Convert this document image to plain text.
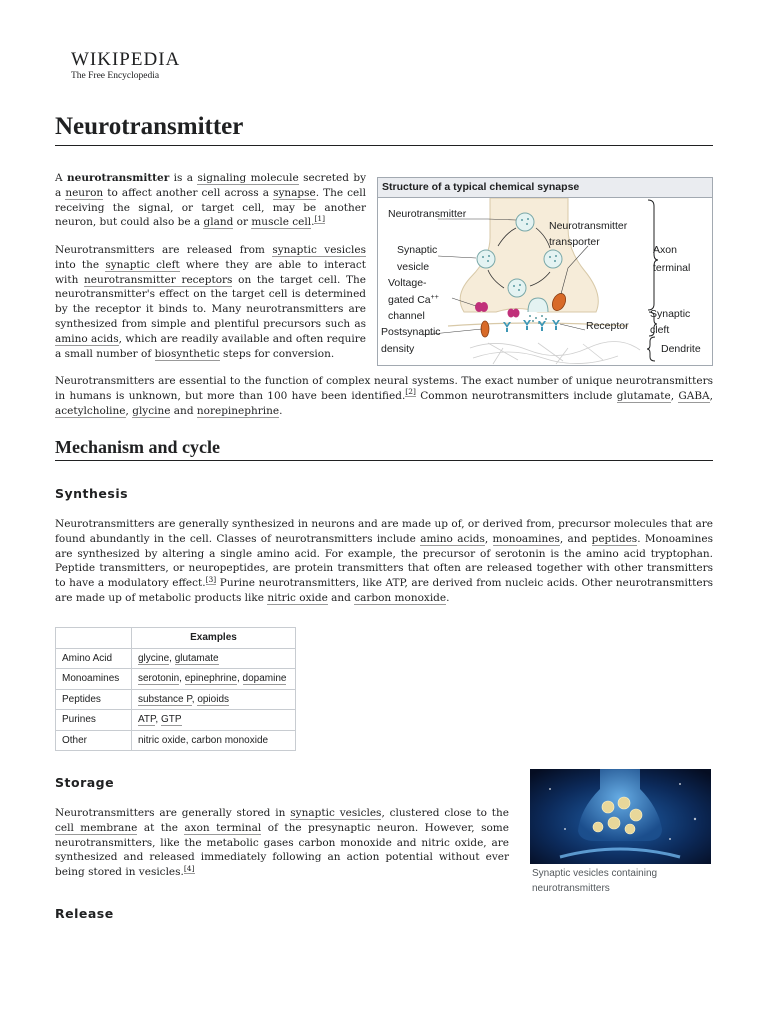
WIKIPEDIA
The Free Encyclopedia
Neurotransmitter

A neurotransmitter is a signaling molecule secreted by a neuron to affect another cell across a synapse. The cell receiving the signal, or target cell, may be another neuron, but could also be a gland or muscle cell.[1]

Neurotransmitters are released from synaptic vesicles into the synaptic cleft where they are able to interact with neurotransmitter receptors on the target cell. The neurotransmitter's effect on the target cell is determined by the receptor it binds to. Many neurotransmitters are synthesized from simple and plentiful precursors such as amino acids, which are readily available and often require a small number of biosynthetic steps for conversion.

Structure of a typical chemical synapse
Neurotransmitter
Neurotransmitter
transporter
Axon
terminal
Synaptic
vesicle
Voltage-
gated Ca++
channel	Synaptic
cleft
Receptor
Postsynaptic
density	Dendrite

Neurotransmitters are essential to the function of complex neural systems. The exact number of unique neurotransmitters in humans is unknown, but more than 100 have been identified.[2] Common neurotransmitters include glutamate, GABA, acetylcholine, glycine and norepinephrine.

Mechanism and cycle
Synthesis

Neurotransmitters are generally synthesized in neurons and are made up of, or derived from, precursor molecules that are found abundantly in the cell. Classes of neurotransmitters include amino acids, monoamines, and peptides. Monoamines are synthesized by altering a single amino acid. For example, the precursor of serotonin is the amino acid tryptophan. Peptide transmitters, or neuropeptides, are protein transmitters that often are released together with other transmitters to have a modulatory effect.[3] Purine neurotransmitters, like ATP, are derived from nucleic acids. Other neurotransmitters are made up of metabolic products like nitric oxide and carbon monoxide.

	Examples
Amino Acid	glycine, glutamate
Monoamines	serotonin, epinephrine, dopamine
Peptides	substance P, opioids
Purines	ATP, GTP
Other	nitric oxide, carbon monoxide
Storage

Neurotransmitters are generally stored in synaptic vesicles, clustered close to the cell membrane at the axon terminal of the presynaptic neuron. However, some neurotransmitters, like the metabolic gases carbon monoxide and nitric oxide, are synthesized and released immediately following an action potential without ever being stored in vesicles.[4]	Synaptic vesicles containing neurotransmitters

Release
